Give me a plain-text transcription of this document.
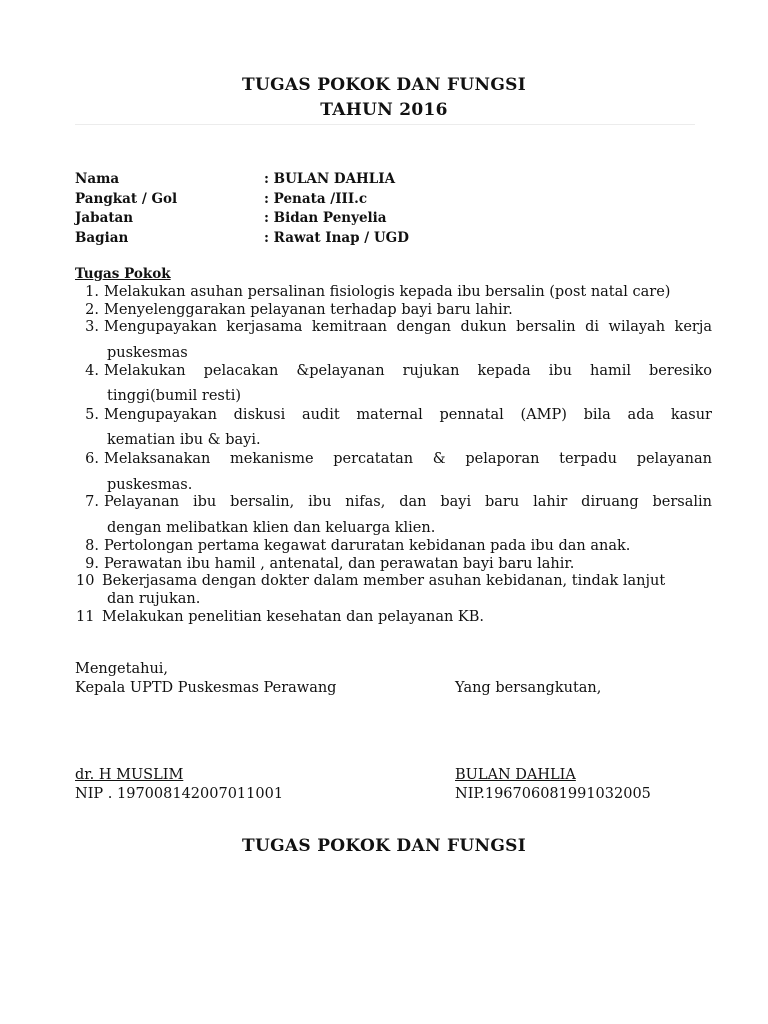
TUGAS POKOK DAN FUNGSI
TAHUN 2016
Nama	: BULAN DAHLIA
Pangkat / Gol	: Penata /III.c
Jabatan	: Bidan Penyelia
Bagian	: Rawat Inap / UGD
Tugas Pokok
1. Melakukan asuhan persalinan fisiologis kepada ibu bersalin (post natal care)
2. Menyelenggarakan pelayanan terhadap bayi baru lahir.
3. Mengupayakan kerjasama kemitraan dengan dukun bersalin di wilayah kerja
puskesmas
4. Melakukan pelacakan &pelayanan rujukan kepada ibu hamil beresiko
tinggi(bumil resti)
5. Mengupayakan diskusi audit maternal pennatal (AMP) bila ada kasur
kematian ibu & bayi.
6. Melaksanakan mekanisme percatatan & pelaporan terpadu pelayanan
puskesmas.
7. Pelayanan ibu bersalin, ibu nifas, dan bayi baru lahir diruang bersalin
dengan melibatkan klien dan keluarga klien.
8. Pertolongan pertama kegawat daruratan kebidanan pada ibu dan anak.
9. Perawatan ibu hamil , antenatal, dan perawatan bayi baru lahir.
10 Bekerjasama dengan dokter dalam member asuhan kebidanan, tindak lanjut
dan rujukan.
11 Melakukan penelitian kesehatan dan pelayanan KB.
Mengetahui,
Kepala UPTD Puskesmas Perawang	Yang bersangkutan,
dr. H MUSLIM
NIP . 197008142007011001
BULAN DAHLIA
NIP.196706081991032005
TUGAS POKOK DAN FUNGSI
